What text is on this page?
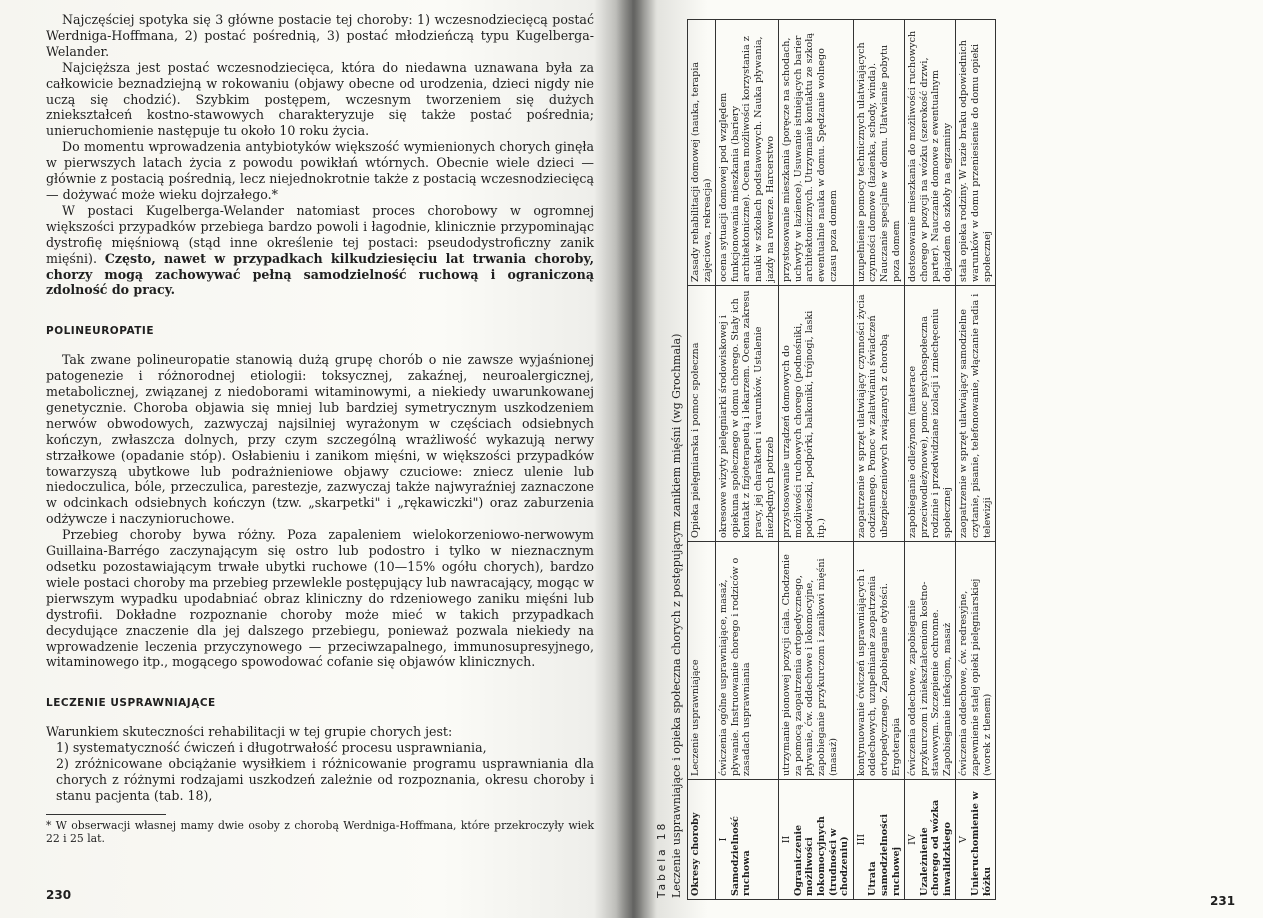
Najczęściej spotyka się 3 główne postacie tej choroby: 1) wczesnodziecięcą postać Werdniga-Hoffmana, 2) postać pośrednią, 3) postać młodzieńczą typu Kugelberga-Welander.

Najcięższa jest postać wczesnodziecięca, która do niedawna uznawana była za całkowicie beznadziejną w rokowaniu (objawy obecne od urodzenia, dzieci nigdy nie uczą się chodzić). Szybkim postępem, wczesnym tworzeniem się dużych zniekształceń kostno-stawowych charakteryzuje się także postać pośrednia; unieruchomienie następuje tu około 10 roku życia.

Do momentu wprowadzenia antybiotyków większość wymienionych chorych ginęła w pierwszych latach życia z powodu powikłań wtórnych. Obecnie wiele dzieci — głównie z postacią pośrednią, lecz niejednokrotnie także z postacią wczesnodziecięcą — dożywać może wieku dojrzałego.*

W postaci Kugelberga-Welander natomiast proces chorobowy w ogromnej większości przypadków przebiega bardzo powoli i łagodnie, klinicznie przypominając dystrofię mięśniową (stąd inne określenie tej postaci: pseudodystroficzny zanik mięśni). Często, nawet w przypadkach kilkudziesięciu lat trwania choroby, chorzy mogą zachowywać pełną samodzielność ruchową i ograniczoną zdolność do pracy.

POLINEUROPATIE

Tak zwane polineuropatie stanowią dużą grupę chorób o nie zawsze wyjaśnionej patogenezie i różnorodnej etiologii: toksycznej, zakaźnej, neuroalergicznej, metabolicznej, związanej z niedoborami witaminowymi, a niekiedy uwarunkowanej genetycznie. Choroba objawia się mniej lub bardziej symetrycznym uszkodzeniem nerwów obwodowych, zazwyczaj najsilniej wyrażonym w częściach odsiebnych kończyn, zwłaszcza dolnych, przy czym szczególną wrażliwość wykazują nerwy strzałkowe (opadanie stóp). Osłabieniu i zanikom mięśni, w większości przypadków towarzyszą ubytkowe lub podrażnieniowe objawy czuciowe: zniecz ulenie lub niedoczulica, bóle, przeczulica, parestezje, zazwyczaj także najwyraźniej zaznaczone w odcinkach odsiebnych kończyn (tzw. „skarpetki" i „rękawiczki") oraz zaburzenia odżywcze i naczynioruchowe.

Przebieg choroby bywa różny. Poza zapaleniem wielokorzeniowo-nerwowym Guillaina-Barrégo zaczynającym się ostro lub podostro i tylko w nieznacznym odsetku pozostawiającym trwałe ubytki ruchowe (10—15% ogółu chorych), bardzo wiele postaci choroby ma przebieg przewlekle postępujący lub nawracający, mogąc w pierwszym wypadku upodabniać obraz kliniczny do rdzeniowego zaniku mięśni lub dystrofii. Dokładne rozpoznanie choroby może mieć w takich przypadkach decydujące znaczenie dla jej dalszego przebiegu, ponieważ pozwala niekiedy na wprowadzenie leczenia przyczynowego — przeciwzapalnego, immunosupresyjnego, witaminowego itp., mogącego spowodować cofanie się objawów klinicznych.

LECZENIE USPRAWNIAJĄCE

Warunkiem skuteczności rehabilitacji w tej grupie chorych jest:

1) systematyczność ćwiczeń i długotrwałość procesu usprawniania,
2) zróżnicowane obciążanie wysiłkiem i różnicowanie programu usprawniania dla chorych z różnymi rodzajami uszkodzeń zależnie od rozpoznania, okresu choroby i stanu pacjenta (tab. 18),
* W obserwacji własnej mamy dwie osoby z chorobą Werdniga-Hoffmana, które przekroczyły wiek 22 i 25 lat.
230	231
Tabela 18 Leczenie usprawniające i opieka społeczna chorych z postępującym zanikiem mięśni (wg Grochmala) Okresy choroby	Leczenie usprawniające	Opieka pielęgniarska i pomoc społeczna	Zasady rehabilitacji domowej (nauka, terapia zajęciowa, rekreacja)

I Samodzielność ruchowa	ćwiczenia ogólne usprawniające, masaż, pływanie. Instruowanie chorego i rodziców o zasadach usprawniania	okresowe wizyty pielęgniarki środowiskowej i opiekuna społecznego w domu chorego. Stały ich kontakt z fizjoterapeutą i lekarzem. Ocena zakresu pracy, jej charakteru i warunków. Ustalenie niezbędnych potrzeb	ocena sytuacji domowej pod względem funkcjonowania mieszkania (bariery architektoniczne). Ocena możliwości korzystania z nauki w szkołach podstawowych. Nauka pływania, jazdy na rowerze. Harcerstwo

II Ograniczenie możliwości lokomocyjnych (trudności w chodzeniu)	utrzymanie pionowej pozycji ciała. Chodzenie za pomocą zaopatrzenia ortopedycznego, pływanie, ćw. oddechowe i lokomocyjne, zapobieganie przykurczom i zanikowi mięśni (masaż)	przystosowanie urządzeń domowych do możliwości ruchowych chorego (podnośniki, podwieszki, podpórki, balkoniki, trójnogi, laski itp.)	przystosowanie mieszkania (poręcze na schodach, uchwyty w łazience). Usuwanie istniejących barier architektonicznych. Utrzymanie kontaktu ze szkołą ewentualnie nauka w domu. Spędzanie wolnego czasu poza domem

III
Utrata samodzielności ruchowej	kontynuowanie ćwiczeń usprawniających i oddechowych, uzupełnianie zaopatrzenia ortopedycznego. Zapobieganie otyłości. Ergoterapia	zaopatrzenie w sprzęt ułatwiający czynności życia codziennego. Pomoc w załatwianiu świadczeń ubezpieczeniowych związanych z chorobą	uzupełnienie pomocy technicznych ułatwiających czynności domowe (łazienka, schody, winda). Nauczanie specjalne w domu. Ułatwianie pobytu poza domem

IV Uzależnienie chorego od wózka inwalidzkiego	ćwiczenia oddechowe, zapobieganie przykurczom i zniekształceniom kostno-stawowym. Szczepienie ochronne. Zapobieganie infekcjom, masaż	zapobieganie odleżynom (materace przeciwodleżynowe), pomoc psychospołeczna rodzinie i przedwidziane izolacji i zniechęceniu społecznej	dostosowanie mieszkania do możliwości ruchowych chorego w pozycji na wózku (szerokość drzwi, parter). Nauczanie domowe z ewentualnym dojazdem do szkoły na egzaminy

V Unieruchomienie w łóżku	ćwiczenia oddechowe, ćw. redresyjne, zapewnienie stałej opieki pielęgniarskiej (worek z tlenem)	zaopatrzenie w sprzęt ułatwiający samodzielne czytanie, pisanie, telefonowanie, włączanie radia i telewizji	stała opieka rodziny. W razie braku odpowiednich warunków w domu przeniesienie do domu opieki społecznej
